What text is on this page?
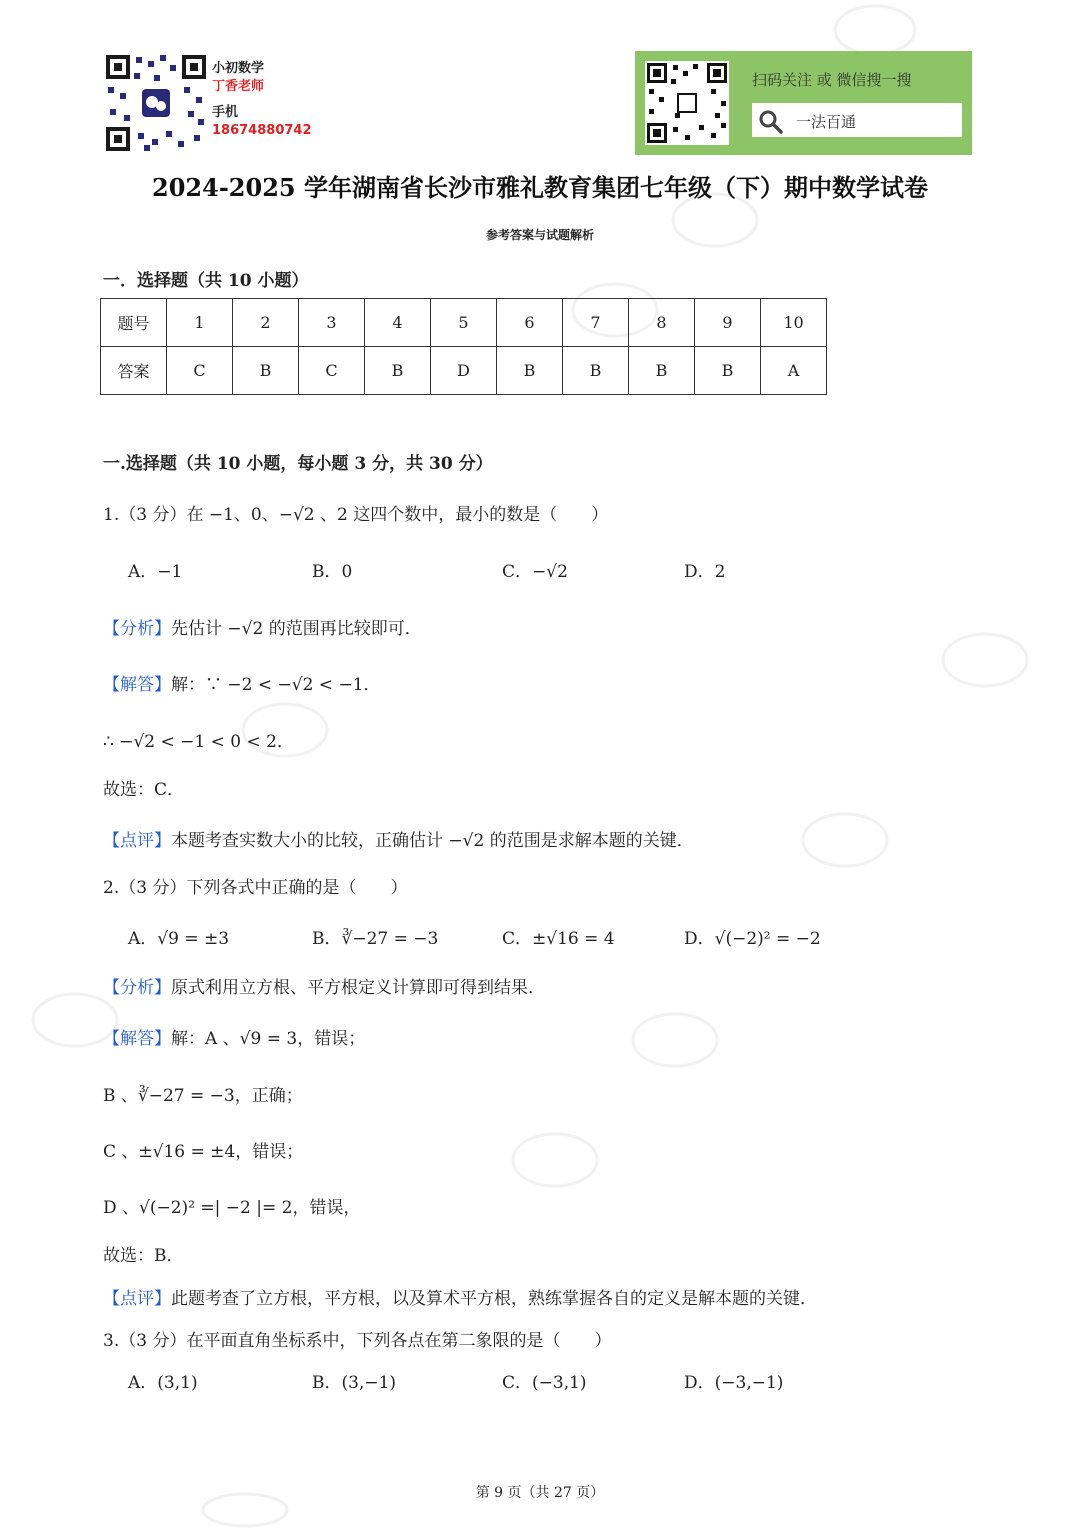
小初数学
丁香老师
手机
18674880742
扫码关注 或 微信搜一搜
一法百通
2024-2025 学年湖南省长沙市雅礼教育集团七年级（下）期中数学试卷
参考答案与试题解析
一．选择题（共 10 小题）
题号	1	2	3	4	5	6	7	8	9	10
答案	C	B	C	B	D	B	B	B	B	A
一.选择题（共 10 小题，每小题 3 分，共 30 分）
1.（3 分）在 −1、0、−√2 、2 这四个数中，最小的数是（　　）
A．−1	B．0	C．−√2	D．2
【分析】先估计 −√2 的范围再比较即可．
【解答】解：∵ −2 < −√2 < −1．
∴ −√2 < −1 < 0 < 2．
故选：C．
【点评】本题考查实数大小的比较，正确估计 −√2 的范围是求解本题的关键．
2.（3 分）下列各式中正确的是（　　）
A．√9 = ±3	B．∛−27 = −3	C．±√16 = 4	D．√(−2)² = −2
【分析】原式利用立方根、平方根定义计算即可得到结果．
【解答】解：A 、√9 = 3，错误；
B 、∛−27 = −3，正确；
C 、±√16 = ±4，错误；
D 、√(−2)² =| −2 |= 2，错误，
故选：B．
【点评】此题考查了立方根，平方根，以及算术平方根，熟练掌握各自的定义是解本题的关键．
3.（3 分）在平面直角坐标系中，下列各点在第二象限的是（　　）
A．(3,1)	B．(3,−1)	C．(−3,1)	D．(−3,−1)
第 9 页（共 27 页）
